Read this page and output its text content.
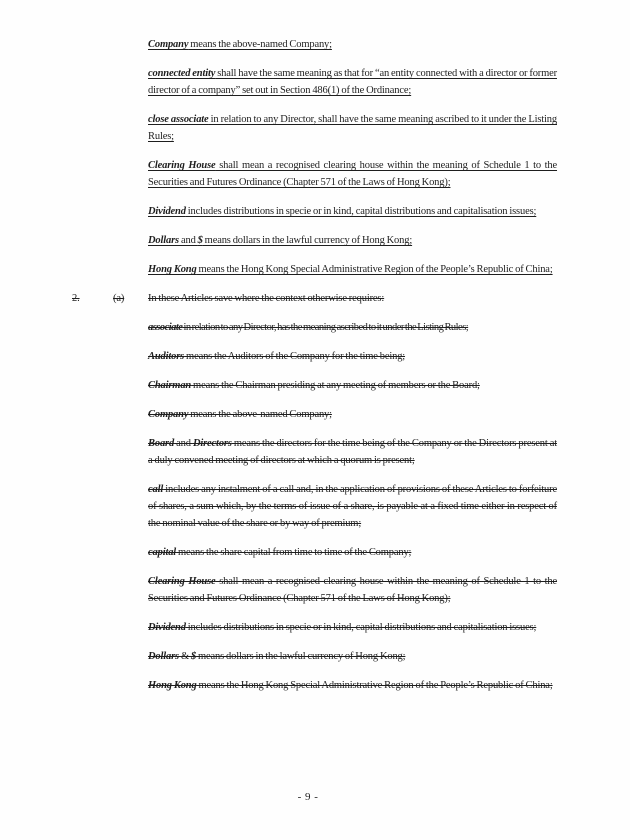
Company means the above-named Company;

connected entity shall have the same meaning as that for “an entity connected with a director or former director of a company” set out in Section 486(1) of the Ordinance;

close associate in relation to any Director, shall have the same meaning ascribed to it under the Listing Rules;

Clearing House shall mean a recognised clearing house within the meaning of Schedule 1 to the Securities and Futures Ordinance (Chapter 571 of the Laws of Hong Kong);

Dividend includes distributions in specie or in kind, capital distributions and capitalisation issues;

Dollars and $ means dollars in the lawful currency of Hong Kong;

Hong Kong means the Hong Kong Special Administrative Region of the People’s Republic of China;

2.	(a) In these Articles save where the context otherwise requires:

associate in relation to any Director, has the meaning ascribed to it under the Listing Rules;

Auditors means the Auditors of the Company for the time being;

Chairman means the Chairman presiding at any meeting of members or the Board;

Company means the above-named Company;

Board and Directors means the directors for the time being of the Company or the Directors present at a duly convened meeting of directors at which a quorum is present;

call includes any instalment of a call and, in the application of provisions of these Articles to forfeiture of shares, a sum which, by the terms of issue of a share, is payable at a fixed time either in respect of the nominal value of the share or by way of premium;

capital means the share capital from time to time of the Company;

Clearing House shall mean a recognised clearing house within the meaning of Schedule 1 to the Securities and Futures Ordinance (Chapter 571 of the Laws of Hong Kong);

Dividend includes distributions in specie or in kind, capital distributions and capitalisation issues;

Dollars & $ means dollars in the lawful currency of Hong Kong;

Hong Kong means the Hong Kong Special Administrative Region of the People’s Republic of China;

- 9 -
